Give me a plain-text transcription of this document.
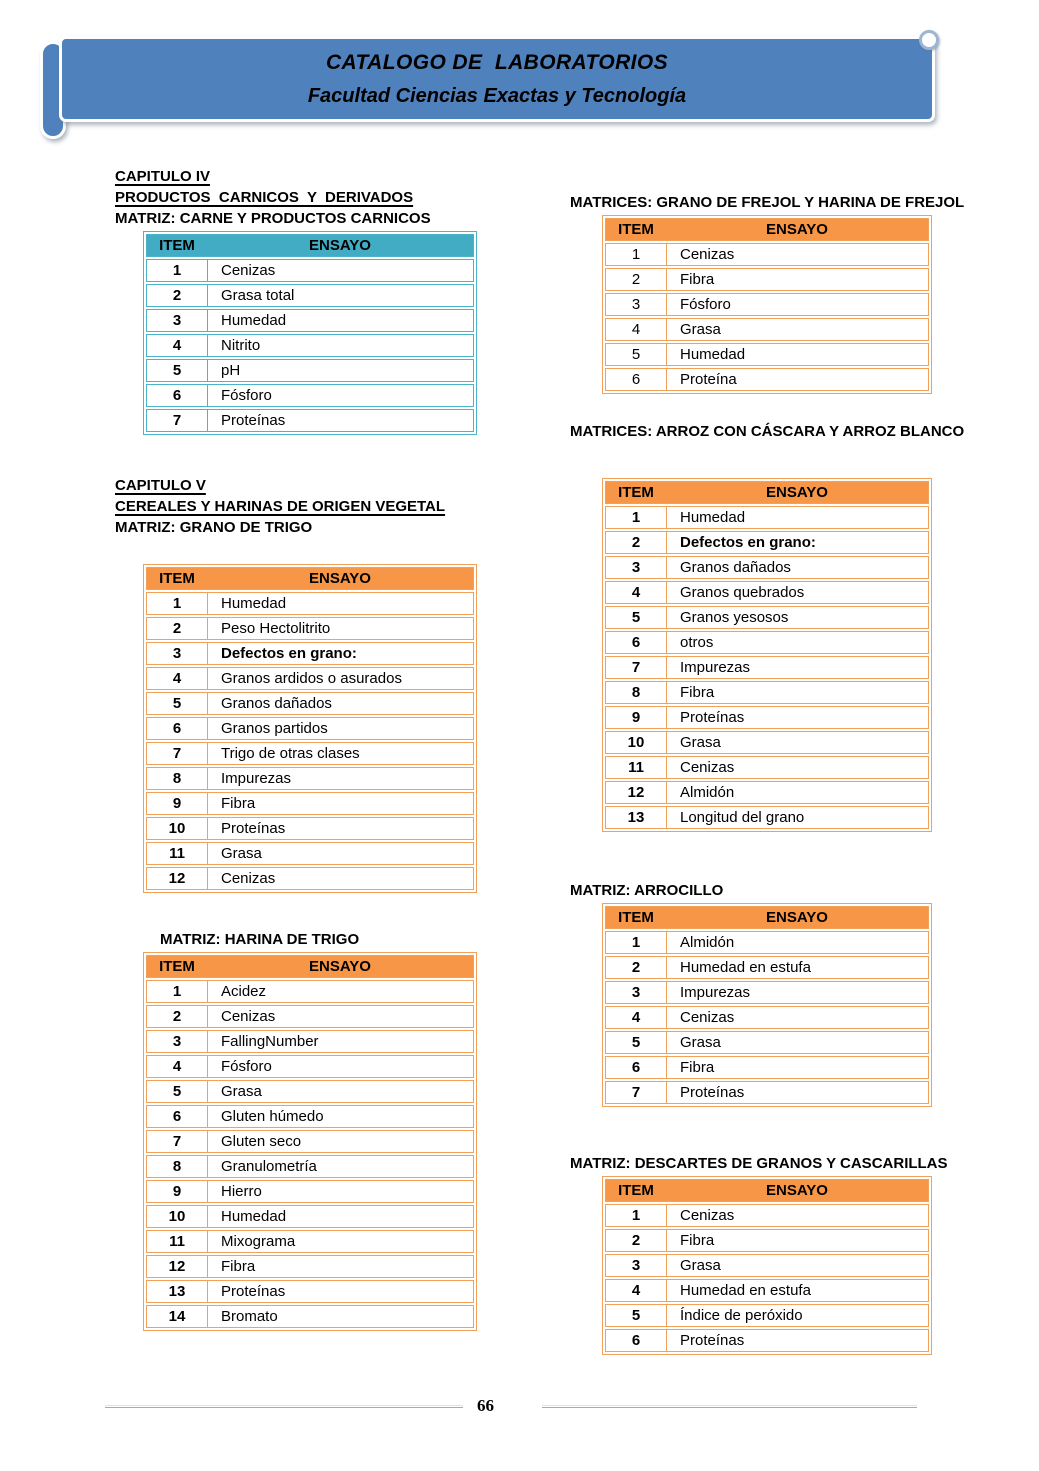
CATALOGO DE  LABORATORIOS
Facultad Ciencias Exactas y Tecnología
CAPITULO IV
PRODUCTOS  CARNICOS  Y  DERIVADOS
MATRIZ: CARNE Y PRODUCTOS CARNICOS
ITEM	ENSAYO
1	Cenizas
2	Grasa total
3	Humedad
4	Nitrito
5	pH
6	Fósforo
7	Proteínas
CAPITULO V
CEREALES Y HARINAS DE ORIGEN VEGETAL
MATRIZ: GRANO DE TRIGO
ITEM	ENSAYO
1	Humedad
2	Peso Hectolitrito
3	Defectos en grano:
4	Granos ardidos o asurados
5	Granos dañados
6	Granos partidos
7	Trigo de otras clases
8	Impurezas
9	Fibra
10	Proteínas
11	Grasa
12	Cenizas
MATRIZ: HARINA DE TRIGO
ITEM	ENSAYO
1	Acidez
2	Cenizas
3	FallingNumber
4	Fósforo
5	Grasa
6	Gluten húmedo
7	Gluten seco
8	Granulometría
9	Hierro
10	Humedad
11	Mixograma
12	Fibra
13	Proteínas
14	Bromato
MATRICES: GRANO DE FREJOL Y HARINA DE FREJOL
ITEM	ENSAYO
1	Cenizas
2	Fibra
3	Fósforo
4	Grasa
5	Humedad
6	Proteína
MATRICES: ARROZ CON CÁSCARA Y ARROZ BLANCO
ITEM	ENSAYO
1	Humedad
2	Defectos en grano:
3	Granos dañados
4	Granos quebrados
5	Granos yesosos
6	otros
7	Impurezas
8	Fibra
9	Proteínas
10	Grasa
11	Cenizas
12	Almidón
13	Longitud del grano
MATRIZ: ARROCILLO
ITEM	ENSAYO
1	Almidón
2	Humedad en estufa
3	Impurezas
4	Cenizas
5	Grasa
6	Fibra
7	Proteínas
MATRIZ: DESCARTES DE GRANOS Y CASCARILLAS
ITEM	ENSAYO
1	Cenizas
2	Fibra
3	Grasa
4	Humedad en estufa
5	Índice de peróxido
6	Proteínas
66
